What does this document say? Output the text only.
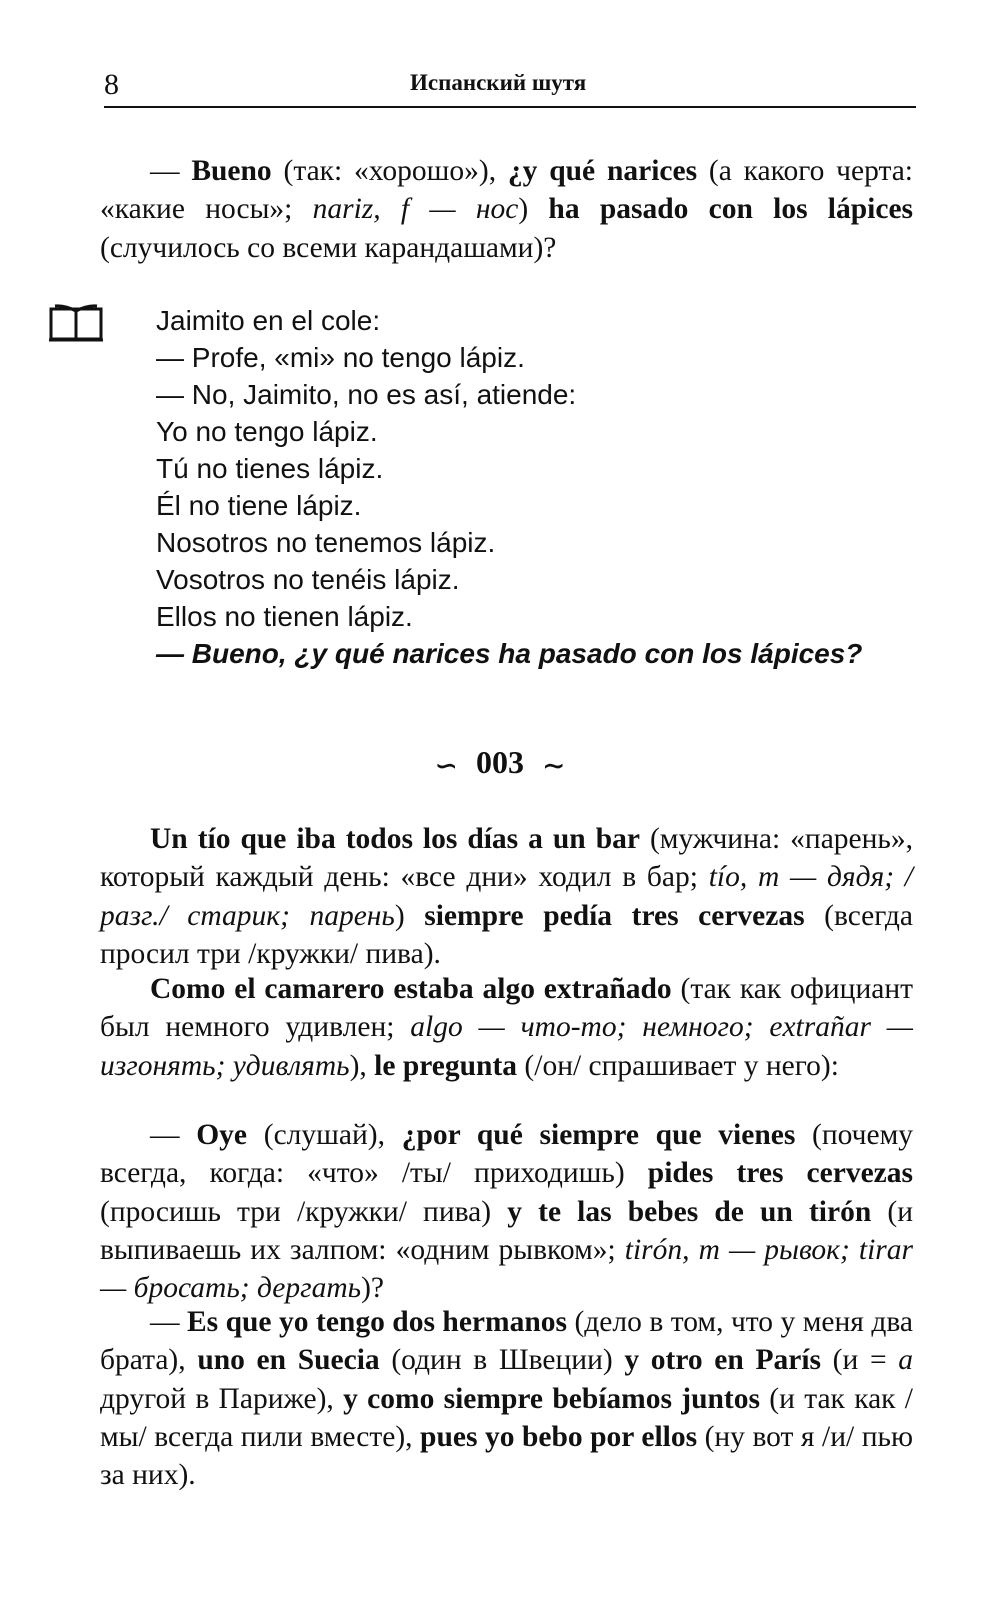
8	Испанский шутя

— Bueno (так: «хорошо»), ¿y qué narices (а какого черта: «какие носы»; nariz, f — нос) ha pasado con los lápices (случилось со всеми карандашами)?

Jaimito en el cole:
— Profe, «mi» no tengo lápiz.
— No, Jaimito, no es así, atiende:
Yo no tengo lápiz.
Tú no tienes lápiz.
Él no tiene lápiz.
Nosotros no tenemos lápiz.
Vosotros no tenéis lápiz.
Ellos no tienen lápiz.
— Bueno, ¿y qué narices ha pasado con los lápices?
∽ 003 ∼

Un tío que iba todos los días a un bar (мужчина: «парень», который каждый день: «все дни» ходил в бар; tío, m — дядя; /разг./ старик; парень) siempre pedía tres cervezas (всегда просил три /кружки/ пива).

Como el camarero estaba algo extrañado (так как официант был немного удивлен; algo — что-то; немного; extrañar — изгонять; удивлять), le pregunta (/он/ спрашивает у него):

— Oye (слушай), ¿por qué siempre que vienes (почему всегда, когда: «что» /ты/ приходишь) pides tres cervezas (просишь три /кружки/ пива) y te las bebes de un tirón (и выпиваешь их залпом: «одним рывком»; tirón, m — рывок; tirar — бросать; дергать)?

— Es que yo tengo dos hermanos (дело в том, что у меня два брата), uno en Suecia (один в Швеции) y otro en París (и = а другой в Париже), y como siempre bebíamos juntos (и так как /мы/ всегда пили вместе), pues yo bebo por ellos (ну вот я /и/ пью за них).
